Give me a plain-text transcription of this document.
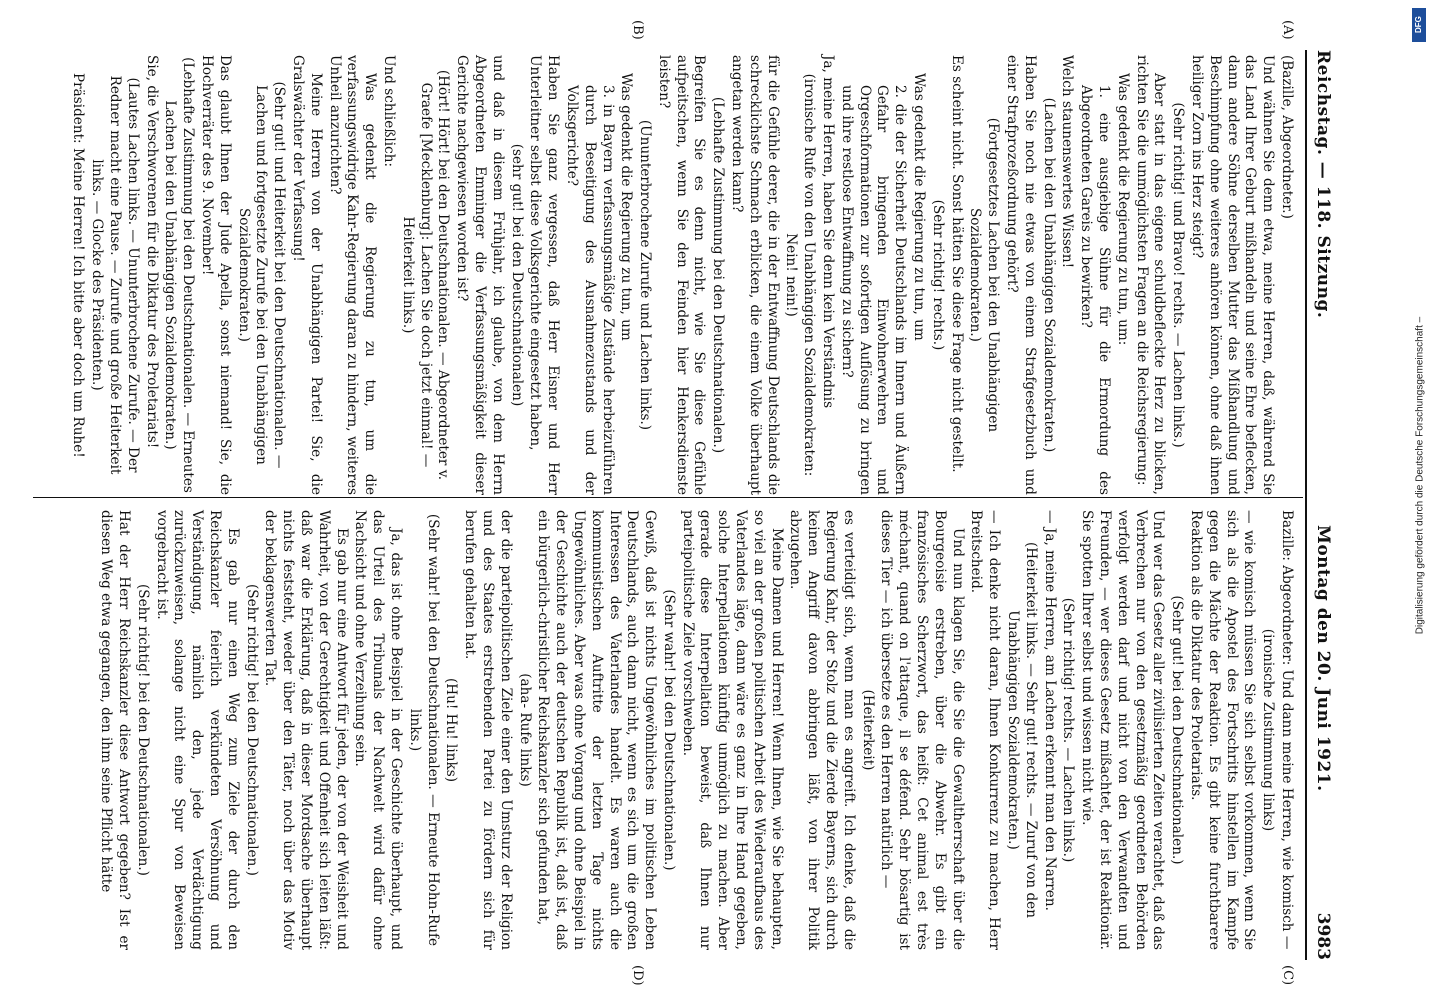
Reichstag. — 118. Sitzung.
Montag den 20. Juni 1921.
3983
(A)
(B)
(C)
(D)

(Bazille, Abgeordneter.)

Und wähnen Sie denn etwa, meine Herren, daß, während Sie das Land Ihrer Geburt mißhandeln und seine Ehre beflecken, dann andere Söhne derselben Mutter das Mißhandlung und Beschimpfung ohne weiteres anhören können, ohne daß ihnen heiliger Zorn ins Herz steigt?

(Sehr richtig! und Bravo! rechts. — Lachen links.)

Aber statt in das eigene schuldbefleckte Herz zu blicken, richten Sie die unmöglichsten Fragen an die Reichsregierung:

Was gedenkt die Regierung zu tun, um:

1. eine ausgiebige Sühne für die Ermordung des Abgeordneten Gareis zu bewirken?

Welch staunenswertes Wissen!

(Lachen bei den Unabhängigen Sozialdemokraten.)

Haben Sie noch nie etwas von einem Strafgesetzbuch und einer Strafprozeßordnung gehört?

(Fortgesetztes Lachen bei den Unabhängigen Sozialdemokraten.)

Es scheint nicht. Sonst hätten Sie diese Frage nicht gestellt.

(Sehr richtig! rechts.)

Was gedenkt die Regierung zu tun, um

2. die der Sicherheit Deutschlands im Innern und Äußern Gefahr bringenden Einwohnerwehren und Orgeschformationen zur sofortigen Auflösung zu bringen und ihre restlose Entwaffnung zu sichern?

Ja, meine Herren, haben Sie denn kein Verständnis

(ironische Rufe von den Unabhängigen Sozialdemokraten: Nein! nein!)

für die Gefühle derer, die in der Entwaffnung Deutschlands die schrecklichste Schmach erblicken, die einem Volke überhaupt angetan werden kann?

(Lebhafte Zustimmung bei den Deutschnationalen.)

Begreifen Sie es denn nicht, wie Sie diese Gefühle aufpeitschen, wenn Sie den Feinden hier Henkersdienste leisten?

(Ununterbrochene Zurufe und Lachen links.)

Was gedenkt die Regierung zu tun, um

3. in Bayern verfassungsmäßige Zustände herbeizuführen durch Beseitigung des Ausnahmezustands und der Volksgerichte?

Haben Sie ganz vergessen, daß Herr Eisner und Herr Unterleitner selbst diese Volksgerichte eingesetzt haben,

(sehr gut! bei den Deutschnationalen)

und daß in diesem Frühjahr, ich glaube, von dem Herrn Abgeordneten Emminger die Verfassungsmäßigkeit dieser Gerichte nachgewiesen worden ist?

(Hört! Hört! bei den Deutschnationalen. — Abgeordneter v. Graefe [Mecklenburg]: Lachen Sie doch jetzt einmal! — Heiterkeit links.)

Und schließlich:

Was gedenkt die Regierung zu tun, um die verfassungswidrige Kahr-Regierung daran zu hindern, weiteres Unheil anzurichten?

Meine Herren von der Unabhängigen Partei! Sie, die Gralswächter der Verfassung!

(Sehr gut! und Heiterkeit bei den Deutschnationalen. — Lachen und fortgesetzte Zurufe bei den Unabhängigen Sozialdemokraten.)

Das glaubt Ihnen der Jude Apella, sonst niemand! Sie, die Hochverräter des 9. November!

(Lebhafte Zustimmung bei den Deutschnationalen. — Erneutes Lachen bei den Unabhängigen Sozialdemokraten.)

Sie, die Verschworenen für die Diktatur des Proletariats!

(Lautes Lachen links. — Ununterbrochene Zurufe. — Der Redner macht eine Pause. — Zurufe und große Heiterkeit links. — Glocke des Präsidenten.)

Präsident: Meine Herren! Ich bitte aber doch um Ruhe!

Bazille: Abgeordneter: Und dann meine Herren, wie komisch —

(ironische Zustimmung links)

— wie komisch müssen Sie sich selbst vorkommen, wenn Sie sich als die Apostel des Fortschritts hinstellen im Kampfe gegen die Mächte der Reaktion. Es gibt keine furchtbarere Reaktion als die Diktatur des Proletariats.

(Sehr gut! bei den Deutschnationalen.)

Und wer das Gesetz aller zivilisierten Zeiten verachtet, daß das Verbrechen nur von den gesetzmäßig geordneten Behörden verfolgt werden darf und nicht von den Verwandten und Freunden, — wer dieses Gesetz mißachtet, der ist Reaktionär. Sie spotten Ihrer selbst und wissen nicht wie.

(Sehr richtig! rechts. — Lachen links.)

— Ja, meine Herren, am Lachen erkennt man den Narren.

(Heiterkeit links. — Sehr gut! rechts. — Zuruf von den Unabhängigen Sozialdemokraten.)

— Ich denke nicht daran, Ihnen Konkurrenz zu machen, Herr Breitscheid.

Und nun klagen Sie, die Sie die Gewaltherrschaft über die Bourgeoisie erstreben, über die Abwehr. Es gibt ein französisches Scherzwort, das heißt: Cet animal est très méchant, quand on l'attaque, il se défend. Sehr bösartig ist dieses Tier — ich übersetze es den Herren natürlich —

(Heiterkeit)

es verteidigt sich, wenn man es angreift. Ich denke, daß die Regierung Kahr, der Stolz und die Zierde Bayerns, sich durch keinen Angriff davon abbringen läßt, von ihrer Politik abzugehen.

Meine Damen und Herren! Wenn Ihnen, wie Sie behaupten, so viel an der großen politischen Arbeit des Wiederaufbaus des Vaterlandes läge, dann wäre es ganz in Ihre Hand gegeben, solche Interpellationen künftig unmöglich zu machen. Aber gerade diese Interpellation beweist, daß Ihnen nur parteipolitische Ziele vorschweben.

(Sehr wahr! bei den Deutschnationalen.)

Gewiß, daß ist nichts Ungewöhnliches im politischen Leben Deutschlands, auch dann nicht, wenn es sich um die großen Interessen des Vaterlandes handelt. Es waren auch die kommunistischen Auftritte der letzten Tage nichts Ungewöhnliches. Aber was ohne Vorgang und ohne Beispiel in der Geschichte auch der deutschen Republik ist, daß ist, daß ein bürgerlich-christlicher Reichskanzler sich gefunden hat,

(aha- Rufe links)

der die parteipolitischen Ziele einer den Umsturz der Religion und des Staates erstrebenden Partei zu fördern sich für berufen gehalten hat.

(Hu! Hu! links)

(Sehr wahr! bei den Deutschnationalen. — Erneute Hohn-Rufe links.)

Ja, das ist ohne Beispiel in der Geschichte überhaupt, und das Urteil des Tribunals der Nachwelt wird dafür ohne Nachsicht und ohne Verzeihung sein.

Es gab nur eine Antwort für jeden, der von der Weisheit und Wahrheit, von der Gerechtigkeit und Offenheit sich leiten läßt: daß war die Erklärung, daß in dieser Mordsache überhaupt nichts feststeht, weder über den Täter, noch über das Motiv der beklagenswerten Tat.

(Sehr richtig! bei den Deutschnationalen.)

Es gab nur einen Weg zum Ziele der durch den Reichskanzler feierlich verkündeten Versöhnung und Verständigung, nämlich den, jede Verdächtigung zurückzuweisen, solange nicht eine Spur von Beweisen vorgebracht ist.

(Sehr richtig! bei den Deutschnationalen.)

Hat der Herr Reichskanzler diese Antwort gegeben? Ist er diesen Weg etwa gegangen, den ihm seine Pflicht hätte

DFG
Digitalisierung gefördert durch die Deutsche Forschungsgemeinschaft –
